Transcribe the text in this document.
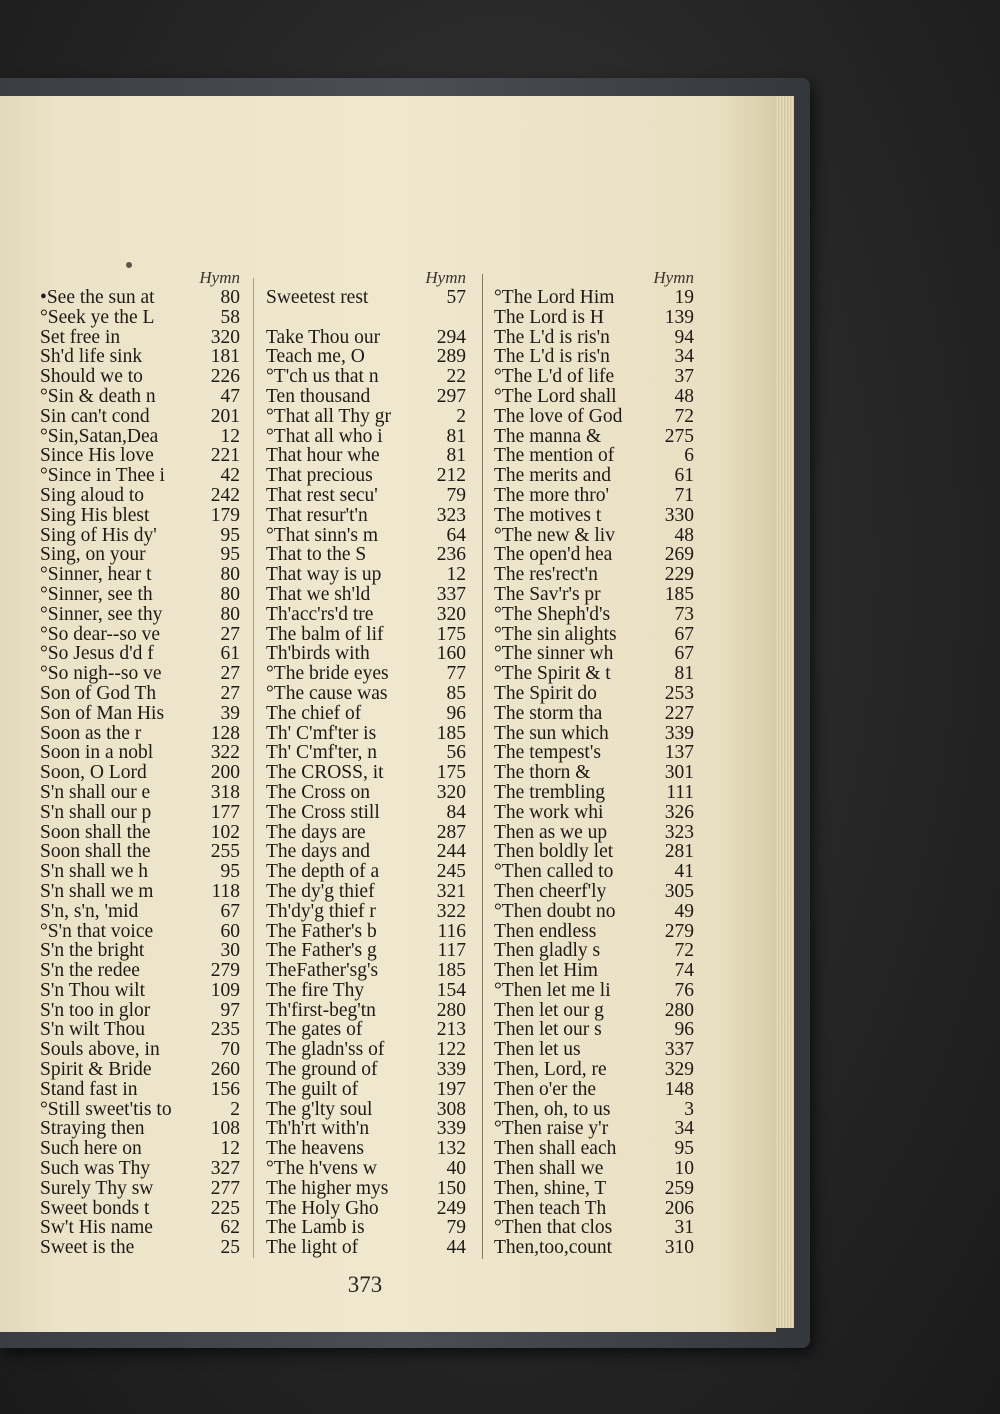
Hymn
•See the sun at	80
°Seek ye the L	58
Set free in	320
Sh'd life sink	181
Should we to	226
°Sin & death n	47
Sin can't cond	201
°Sin,Satan,Dea	12
Since His love	221
°Since in Thee i	42
Sing aloud to	242
Sing His blest	179
Sing of His dy'	95
Sing, on your	95
°Sinner, hear t	80
°Sinner, see th	80
°Sinner, see thy	80
°So dear--so ve	27
°So Jesus d'd f	61
°So nigh--so ve	27
Son of God Th	27
Son of Man His	39
Soon as the r	128
Soon in a nobl	322
Soon, O Lord	200
S'n shall our e	318
S'n shall our p	177
Soon shall the	102
Soon shall the	255
S'n shall we h	95
S'n shall we m	118
S'n, s'n, 'mid	67
°S'n that voice	60
S'n the bright	30
S'n the redee	279
S'n Thou wilt	109
S'n too in glor	97
S'n wilt Thou	235
Souls above, in	70
Spirit & Bride	260
Stand fast in	156
°Still sweet'tis to	2
Straying then	108
Such here on	12
Such was Thy	327
Surely Thy sw	277
Sweet bonds t	225
Sw't His name	62
Sweet is the	25
Hymn
Sweetest rest	57
Take Thou our	294
Teach me, O	289
°T'ch us that n	22
Ten thousand	297
°That all Thy gr	2
°That all who i	81
That hour whe	81
That precious	212
That rest secu'	79
That resur't'n	323
°That sinn's m	64
That to the S	236
That way is up	12
That we sh'ld	337
Th'acc'rs'd tre	320
The balm of lif	175
Th'birds with	160
°The bride eyes	77
°The cause was	85
The chief of	96
Th' C'mf'ter is	185
Th' C'mf'ter, n	56
The CROSS, it	175
The Cross on	320
The Cross still	84
The days are	287
The days and	244
The depth of a	245
The dy'g thief	321
Th'dy'g thief r	322
The Father's b	116
The Father's g	117
TheFather'sg's	185
The fire Thy	154
Th'first-beg'tn	280
The gates of	213
The gladn'ss of	122
The ground of	339
The guilt of	197
The g'lty soul	308
Th'h'rt with'n	339
The heavens	132
°The h'vens w	40
The higher mys 150
The Holy Gho	249
The Lamb is	79
The light of	44
Hymn
°The Lord Him	19
The Lord is H	139
The L'd is ris'n	94
The L'd is ris'n	34
°The L'd of life	37
°The Lord shall	48
The love of God	72
The manna &	275
The mention of	6
The merits and	61
The more thro'	71
The motives t	330
°The new & liv	48
The open'd hea	269
The res'rect'n	229
The Sav'r's pr	185
°The Sheph'd's	73
°The sin alights	67
°The sinner wh	67
°The Spirit & t	81
The Spirit do	253
The storm tha	227
The sun which	339
The tempest's	137
The thorn &	301
The trembling	111
The work whi	326
Then as we up	323
Then boldly let	281
°Then called to	41
Then cheerf'ly	305
°Then doubt no	49
Then endless	279
Then gladly s	72
Then let Him	74
°Then let me li	76
Then let our g	280
Then let our s	96
Then let us	337
Then, Lord, re	329
Then o'er the	148
Then, oh, to us	3
°Then raise y'r	34
Then shall each	95
Then shall we	10
Then, shine, T	259
Then teach Th	206
°Then that clos	31
Then,too,count	310
373
